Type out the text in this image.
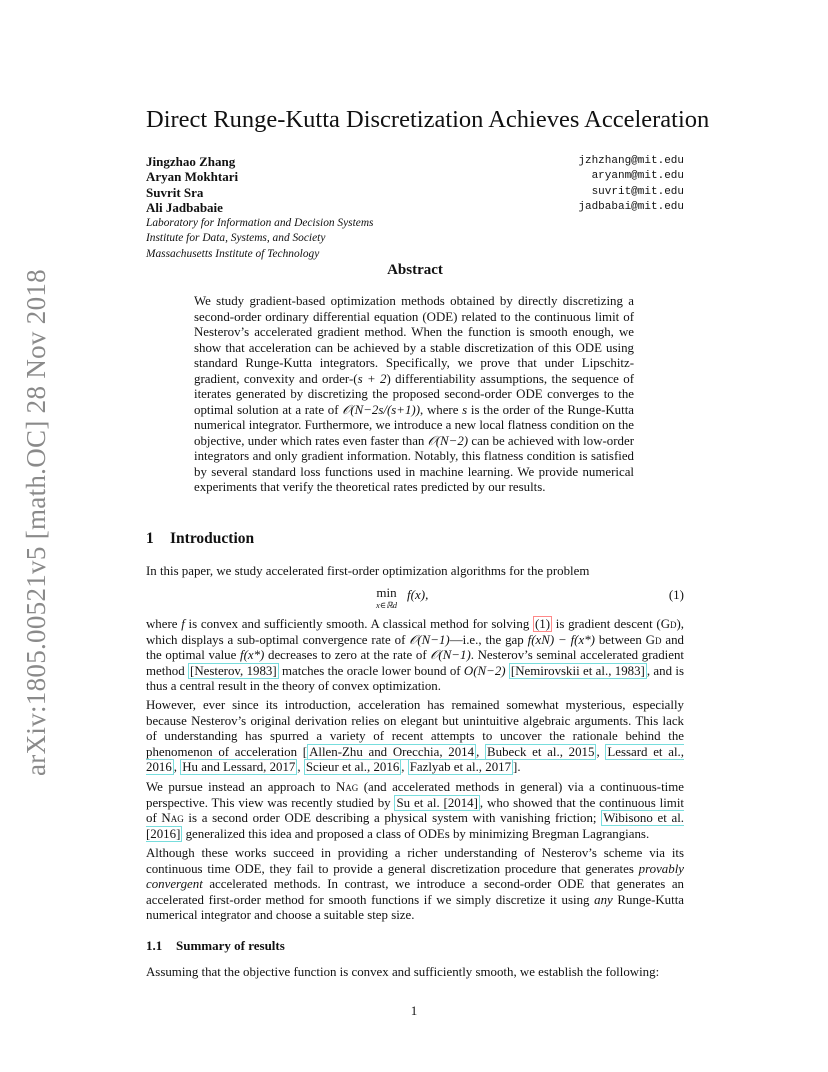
arXiv:1805.00521v5 [math.OC] 28 Nov 2018
Direct Runge-Kutta Discretization Achieves Acceleration
Jingzhao Zhang	jzhzhang@mit.edu
Aryan Mokhtari	aryanm@mit.edu
Suvrit Sra	suvrit@mit.edu
Ali Jadbabaie	jadbabai@mit.edu
Laboratory for Information and Decision Systems
Institute for Data, Systems, and Society
Massachusetts Institute of Technology
Abstract
We study gradient-based optimization methods obtained by directly discretizing a second-order ordinary differential equation (ODE) related to the continuous limit of Nesterov’s accelerated gradient method. When the function is smooth enough, we show that acceleration can be achieved by a stable discretization of this ODE using standard Runge-Kutta integrators. Specifically, we prove that under Lipschitz-gradient, convexity and order-(s + 2) differentiability assumptions, the sequence of iterates generated by discretizing the proposed second-order ODE converges to the optimal solution at a rate of 𝒪(N−2s/(s+1)), where s is the order of the Runge-Kutta numerical integrator. Furthermore, we introduce a new local flatness condition on the objective, under which rates even faster than 𝒪(N−2) can be achieved with low-order integrators and only gradient information. Notably, this flatness condition is satisfied by several standard loss functions used in machine learning. We provide numerical experiments that verify the theoretical rates predicted by our results.
1 Introduction
In this paper, we study accelerated first-order optimization algorithms for the problem
min
x∈ℝd
f(x),	(1)
where f is convex and sufficiently smooth. A classical method for solving (1) is gradient descent (Gd), which displays a sub-optimal convergence rate of 𝒪(N−1)—i.e., the gap f(xN) − f(x*) between Gd and the optimal value f(x*) decreases to zero at the rate of 𝒪(N−1). Nesterov’s seminal accelerated gradient method [Nesterov, 1983] matches the oracle lower bound of O(N−2) [Nemirovskii et al., 1983] , and is thus a central result in the theory of convex optimization.
However, ever since its introduction, acceleration has remained somewhat mysterious, especially because Nesterov’s original derivation relies on elegant but unintuitive algebraic arguments. This lack of understanding has spurred a variety of recent attempts to uncover the rationale behind the phenomenon of acceleration [ Allen-Zhu and Orecchia, 2014 , Bubeck et al., 2015 , Lessard et al., 2016 , Hu and Lessard, 2017 , Scieur et al., 2016 , Fazlyab et al., 2017 ].
We pursue instead an approach to Nag (and accelerated methods in general) via a continuous-time perspective. This view was recently studied by Su et al. [2014] , who showed that the continuous limit of Nag is a second order ODE describing a physical system with vanishing friction; Wibisono et al. [2016] generalized this idea and proposed a class of ODEs by minimizing Bregman Lagrangians.
Although these works succeed in providing a richer understanding of Nesterov’s scheme via its continuous time ODE, they fail to provide a general discretization procedure that generates provably convergent accelerated methods. In contrast, we introduce a second-order ODE that generates an accelerated first-order method for smooth functions if we simply discretize it using any Runge-Kutta numerical integrator and choose a suitable step size.
1.1 Summary of results
Assuming that the objective function is convex and sufficiently smooth, we establish the following:
1
